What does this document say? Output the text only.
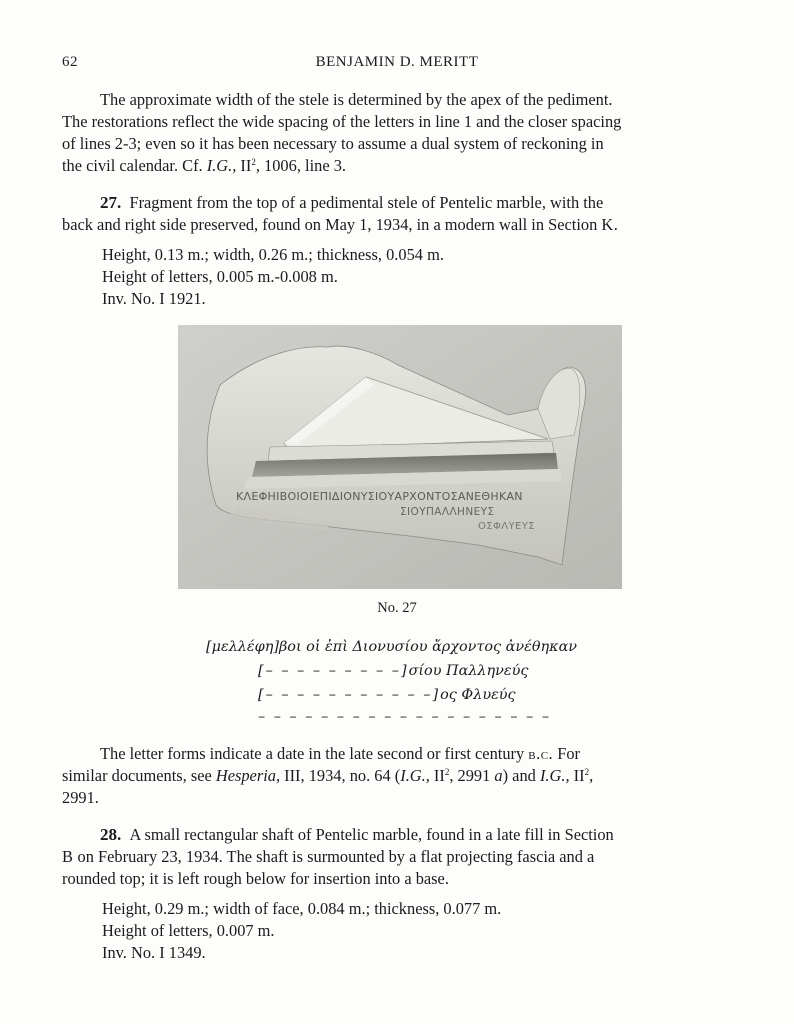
62	BENJAMIN D. MERITT

The approximate width of the stele is determined by the apex of the pediment.

The restorations reflect the wide spacing of the letters in line 1 and the closer spacing

of lines 2-3; even so it has been necessary to assume a dual system of reckoning in

the civil calendar. Cf. I.G., $II^2$, 1006, line 3.

27. Fragment from the top of a pedimental stele of Pentelic marble, with the

back and right side preserved, found on May 1, 1934, in a modern wall in Section K.

Height, 0.13 m.; width, 0.26 m.; thickness, 0.054 m.
Height of letters, 0.005 m.-0.008 m.
Inv. No. I 1921.
ΚΛΕΦΗΙΒΟΙΟΙΕΠΙΔΙΟΝΥΣΙΟΥΑΡΧΟΝΤΟΣΑΝΕΘΗΚΑΝ
ΣΙΟΥΠΑΛΛΗΝΕΥΣ
ΟΣΦΛΥΕΥΣ
No. 27
[μελλέφη]βοι οἱ ἐπὶ Διονυσίου ἄρχοντος ἀνέθηκαν
[– – – – – – – – –]σίου Παλληνεύς
[– – – – – – – – – – –]ος Φλυεύς
– – – – – – – – – – – – – – – – – – –

The letter forms indicate a date in the late second or first century b.c. For

similar documents, see Hesperia, III, 1934, no. 64 (I.G., $II^2$, 2991 a) and I.G., $II^2$,

2991.

28. A small rectangular shaft of Pentelic marble, found in a late fill in Section

B on February 23, 1934. The shaft is surmounted by a flat projecting fascia and a

rounded top; it is left rough below for insertion into a base.

Height, 0.29 m.; width of face, 0.084 m.; thickness, 0.077 m.
Height of letters, 0.007 m.
Inv. No. I 1349.
